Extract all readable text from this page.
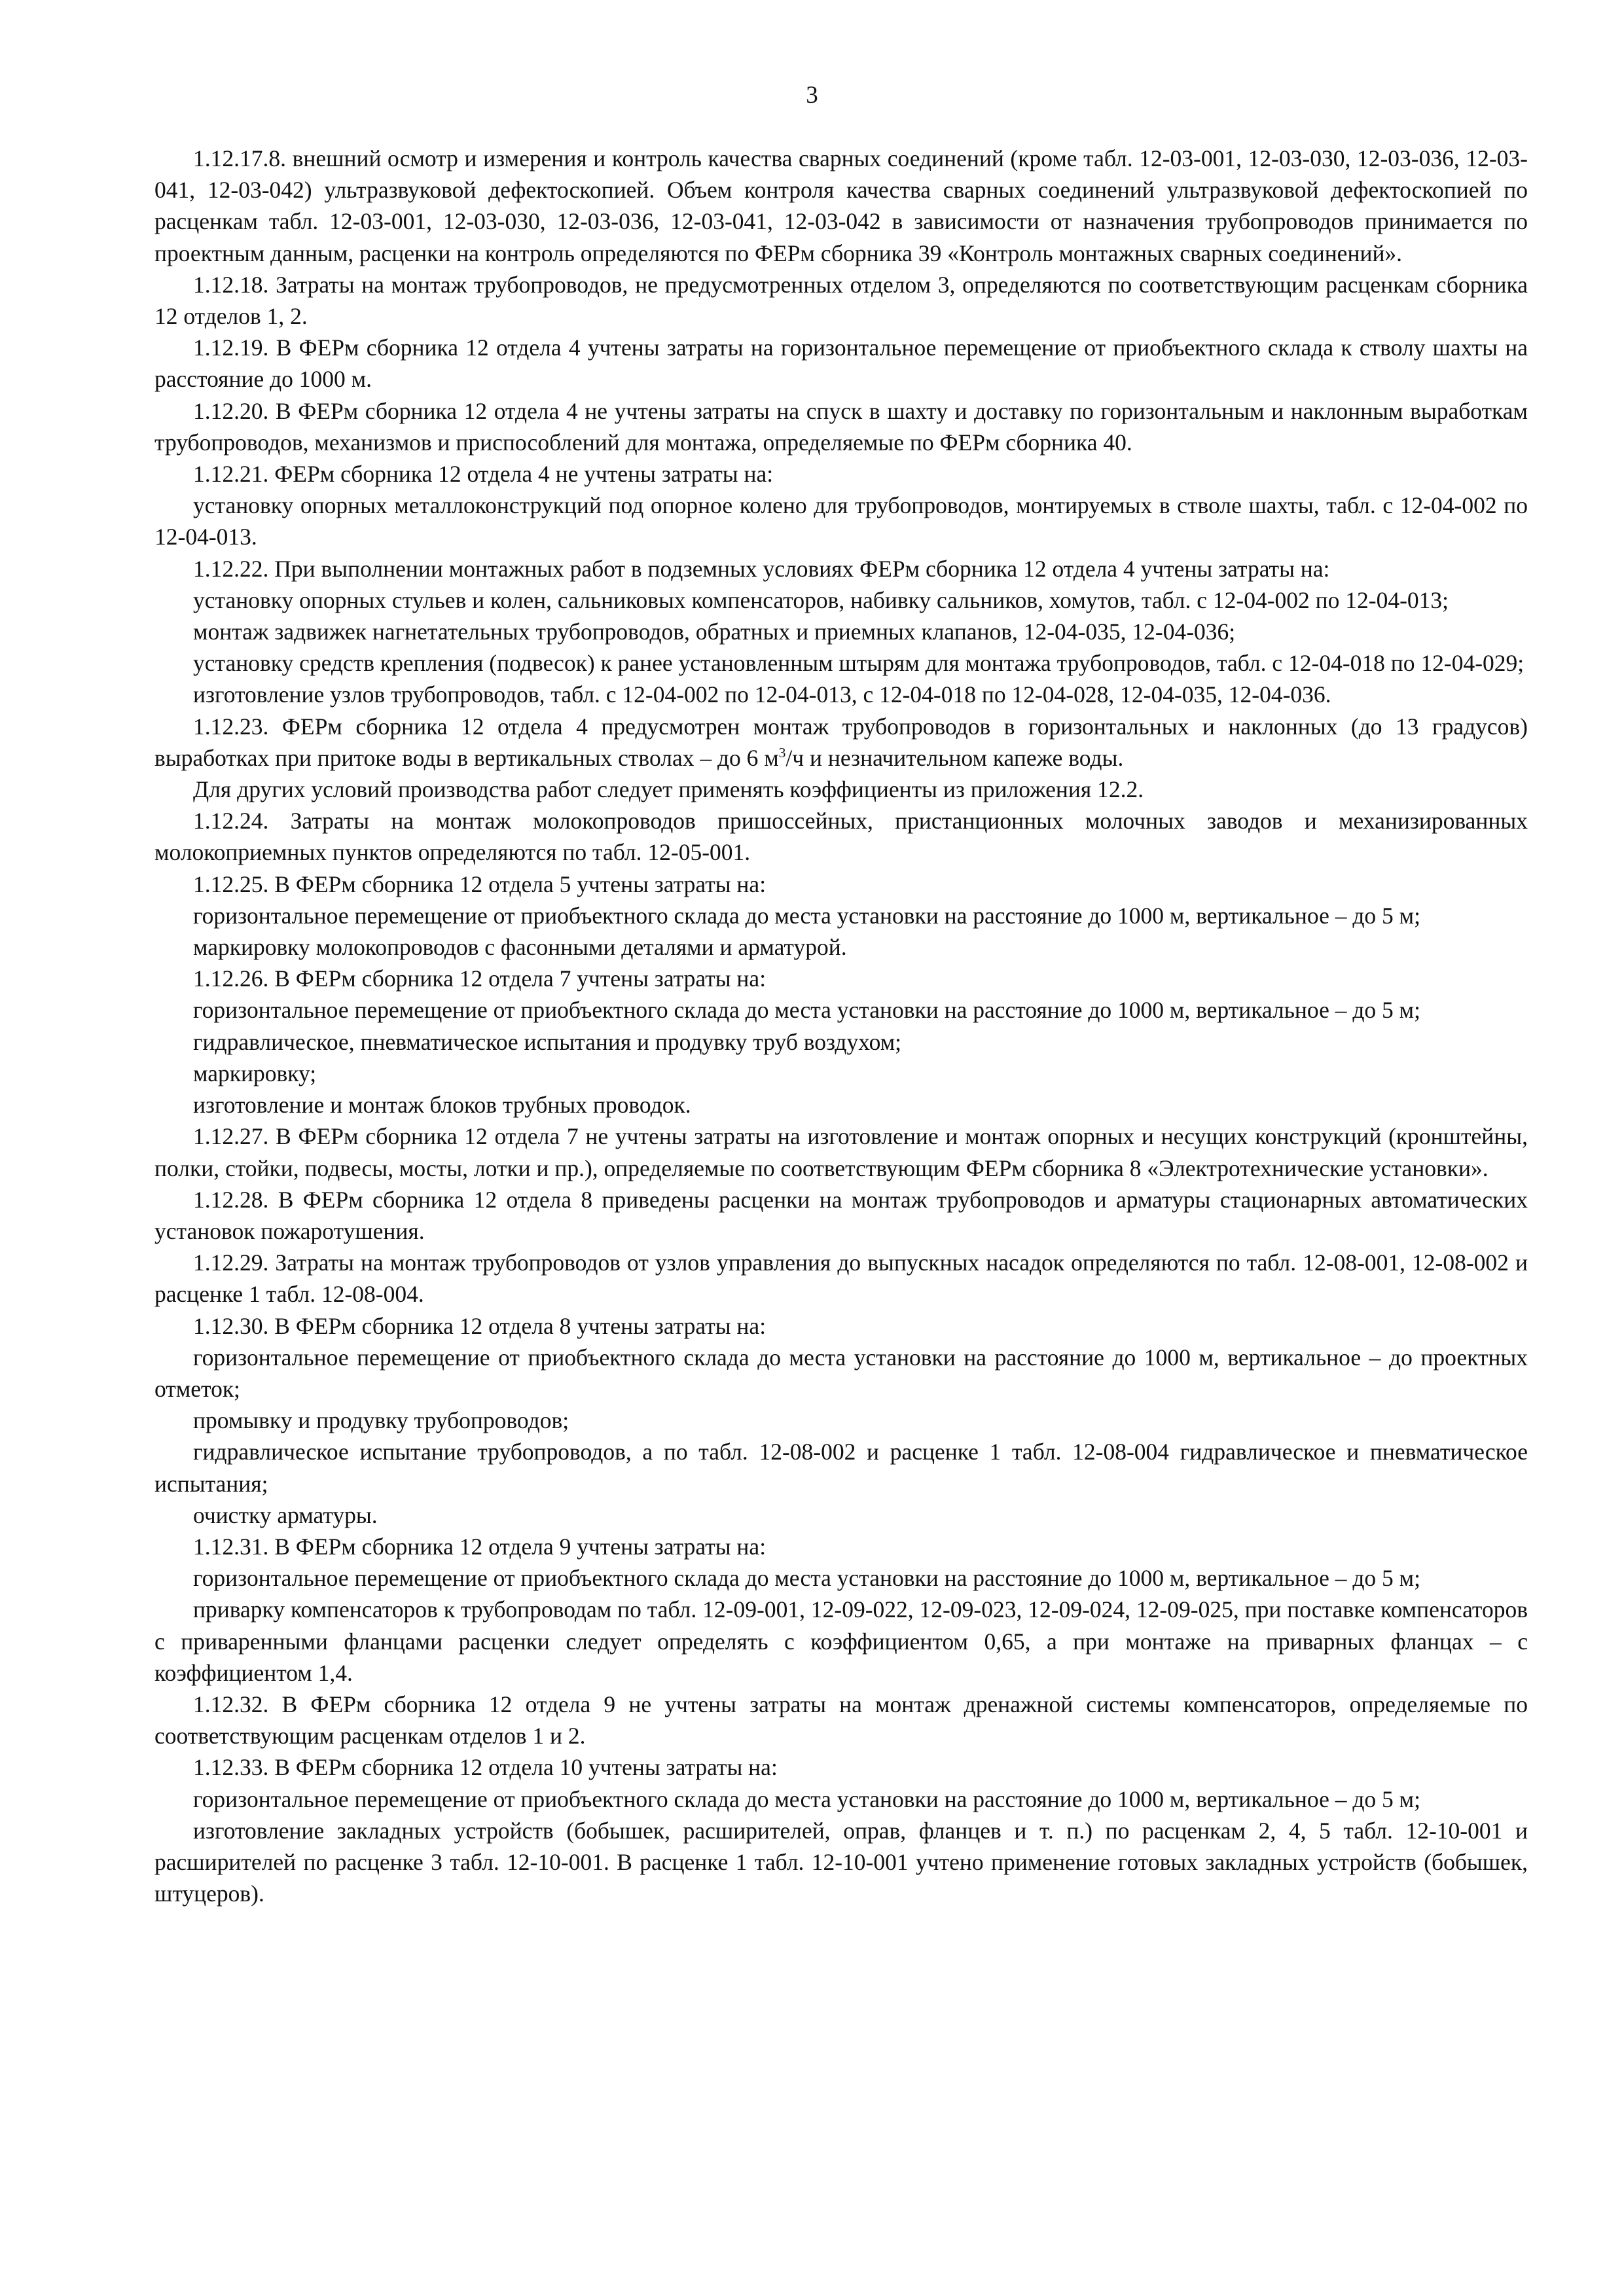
3

1.12.17.8. внешний осмотр и измерения и контроль качества сварных соединений (кроме табл. 12-03-001, 12-03-030, 12-03-036, 12-03-041, 12-03-042) ультразвуковой дефектоскопией. Объем контроля качества сварных соединений ультразвуковой дефектоскопией по расценкам табл. 12-03-001, 12-03-030, 12-03-036, 12-03-041, 12-03-042 в зависимости от назначения трубопроводов принимается по проектным данным, расценки на контроль определяются по ФЕРм сборника 39 «Контроль монтажных сварных соединений».

1.12.18. Затраты на монтаж трубопроводов, не предусмотренных отделом 3, определяются по соответствующим расценкам сборника 12 отделов 1, 2.

1.12.19. В ФЕРм сборника 12 отдела 4 учтены затраты на горизонтальное перемещение от приобъектного склада к стволу шахты на расстояние до 1000 м.

1.12.20. В ФЕРм сборника 12 отдела 4 не учтены затраты на спуск в шахту и доставку по горизонтальным и наклонным выработкам трубопроводов, механизмов и приспособлений для монтажа, определяемые по ФЕРм сборника 40.

1.12.21. ФЕРм сборника 12 отдела 4 не учтены затраты на:

установку опорных металлоконструкций под опорное колено для трубопроводов, монтируемых в стволе шахты, табл. с 12-04-002 по 12-04-013.

1.12.22. При выполнении монтажных работ в подземных условиях ФЕРм сборника 12 отдела 4 учтены затраты на:

установку опорных стульев и колен, сальниковых компенсаторов, набивку сальников, хомутов, табл. с 12-04-002 по 12-04-013;

монтаж задвижек нагнетательных трубопроводов, обратных и приемных клапанов, 12-04-035, 12-04-036;

установку средств крепления (подвесок) к ранее установленным штырям для монтажа трубопроводов, табл. с 12-04-018 по 12-04-029;

изготовление узлов трубопроводов, табл. с 12-04-002 по 12-04-013, с 12-04-018 по 12-04-028, 12-04-035, 12-04-036.

1.12.23. ФЕРм сборника 12 отдела 4 предусмотрен монтаж трубопроводов в горизонтальных и наклонных (до 13 градусов) выработках при притоке воды в вертикальных стволах – до 6 $м^3/ч$ и незначительном капеже воды.

Для других условий производства работ следует применять коэффициенты из приложения 12.2.

1.12.24. Затраты на монтаж молокопроводов пришоссейных, пристанционных молочных заводов и механизированных молокоприемных пунктов определяются по табл. 12-05-001.

1.12.25. В ФЕРм сборника 12 отдела 5 учтены затраты на:

горизонтальное перемещение от приобъектного склада до места установки на расстояние до 1000 м, вертикальное – до 5 м;

маркировку молокопроводов с фасонными деталями и арматурой.

1.12.26. В ФЕРм сборника 12 отдела 7 учтены затраты на:

горизонтальное перемещение от приобъектного склада до места установки на расстояние до 1000 м, вертикальное – до 5 м;

гидравлическое, пневматическое испытания и продувку труб воздухом;

маркировку;

изготовление и монтаж блоков трубных проводок.

1.12.27. В ФЕРм сборника 12 отдела 7 не учтены затраты на изготовление и монтаж опорных и несущих конструкций (кронштейны, полки, стойки, подвесы, мосты, лотки и пр.), определяемые по соответствующим ФЕРм сборника 8 «Электротехнические установки».

1.12.28. В ФЕРм сборника 12 отдела 8 приведены расценки на монтаж трубопроводов и арматуры стационарных автоматических установок пожаротушения.

1.12.29. Затраты на монтаж трубопроводов от узлов управления до выпускных насадок определяются по табл. 12-08-001, 12-08-002 и расценке 1 табл. 12-08-004.

1.12.30. В ФЕРм сборника 12 отдела 8 учтены затраты на:

горизонтальное перемещение от приобъектного склада до места установки на расстояние до 1000 м, вертикальное – до проектных отметок;

промывку и продувку трубопроводов;

гидравлическое испытание трубопроводов, а по табл. 12-08-002 и расценке 1 табл. 12-08-004 гидравлическое и пневматическое испытания;

очистку арматуры.

1.12.31. В ФЕРм сборника 12 отдела 9 учтены затраты на:

горизонтальное перемещение от приобъектного склада до места установки на расстояние до 1000 м, вертикальное – до 5 м;

приварку компенсаторов к трубопроводам по табл. 12-09-001, 12-09-022, 12-09-023, 12-09-024, 12-09-025, при поставке компенсаторов с приваренными фланцами расценки следует определять с коэффициентом 0,65, а при монтаже на приварных фланцах – с коэффициентом 1,4.

1.12.32. В ФЕРм сборника 12 отдела 9 не учтены затраты на монтаж дренажной системы компенсаторов, определяемые по соответствующим расценкам отделов 1 и 2.

1.12.33. В ФЕРм сборника 12 отдела 10 учтены затраты на:

горизонтальное перемещение от приобъектного склада до места установки на расстояние до 1000 м, вертикальное – до 5 м;

изготовление закладных устройств (бобышек, расширителей, оправ, фланцев и т. п.) по расценкам 2, 4, 5 табл. 12-10-001 и расширителей по расценке 3 табл. 12-10-001. В расценке 1 табл. 12-10-001 учтено применение готовых закладных устройств (бобышек, штуцеров).
